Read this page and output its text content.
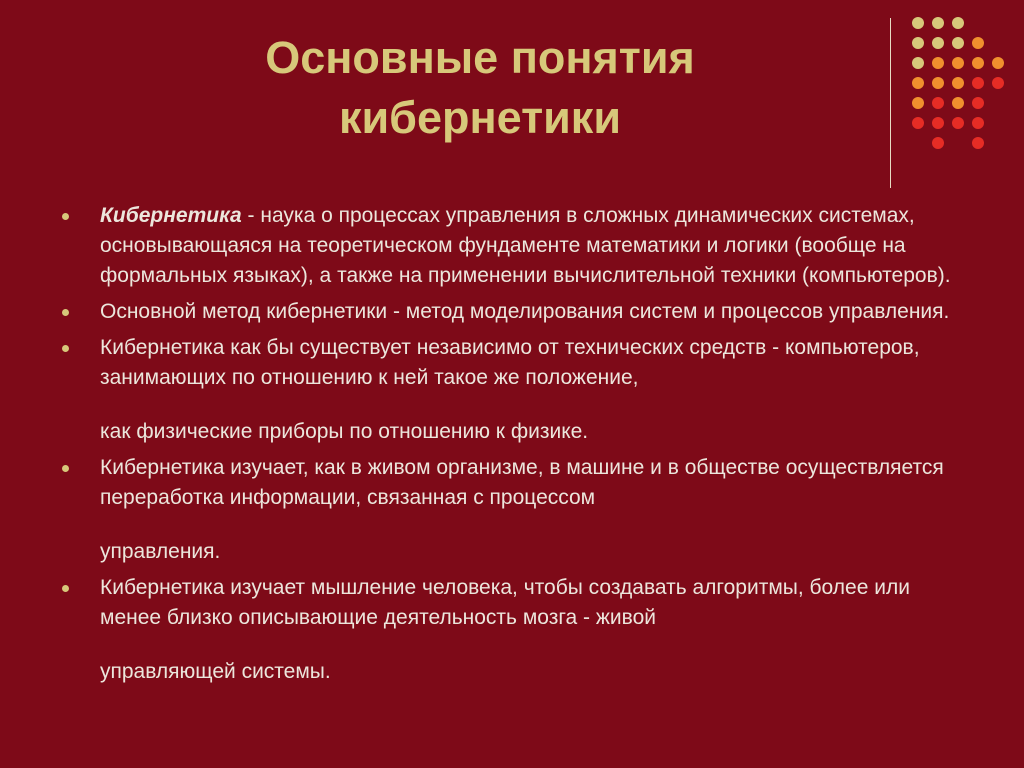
Основные понятия
кибернетики
Кибернетика - наука о процессах управления в сложных динамических системах, основывающаяся на теоретическом фундаменте математики и логики (вообще на формальных языках), а также на применении вычислительной техники (компьютеров).
Основной метод кибернетики - метод моделирования систем и процессов управления.
Кибернетика как бы существует независимо от технических средств - компьютеров, занимающих по отношению к ней такое же положение,
как физические приборы по отношению к физике.
Кибернетика изучает, как в живом организме, в машине и в обществе осуществляется переработка информации, связанная с процессом
управления.
Кибернетика изучает мышление человека, чтобы создавать алгоритмы, более или менее близко описывающие деятельность мозга - живой
управляющей системы.
